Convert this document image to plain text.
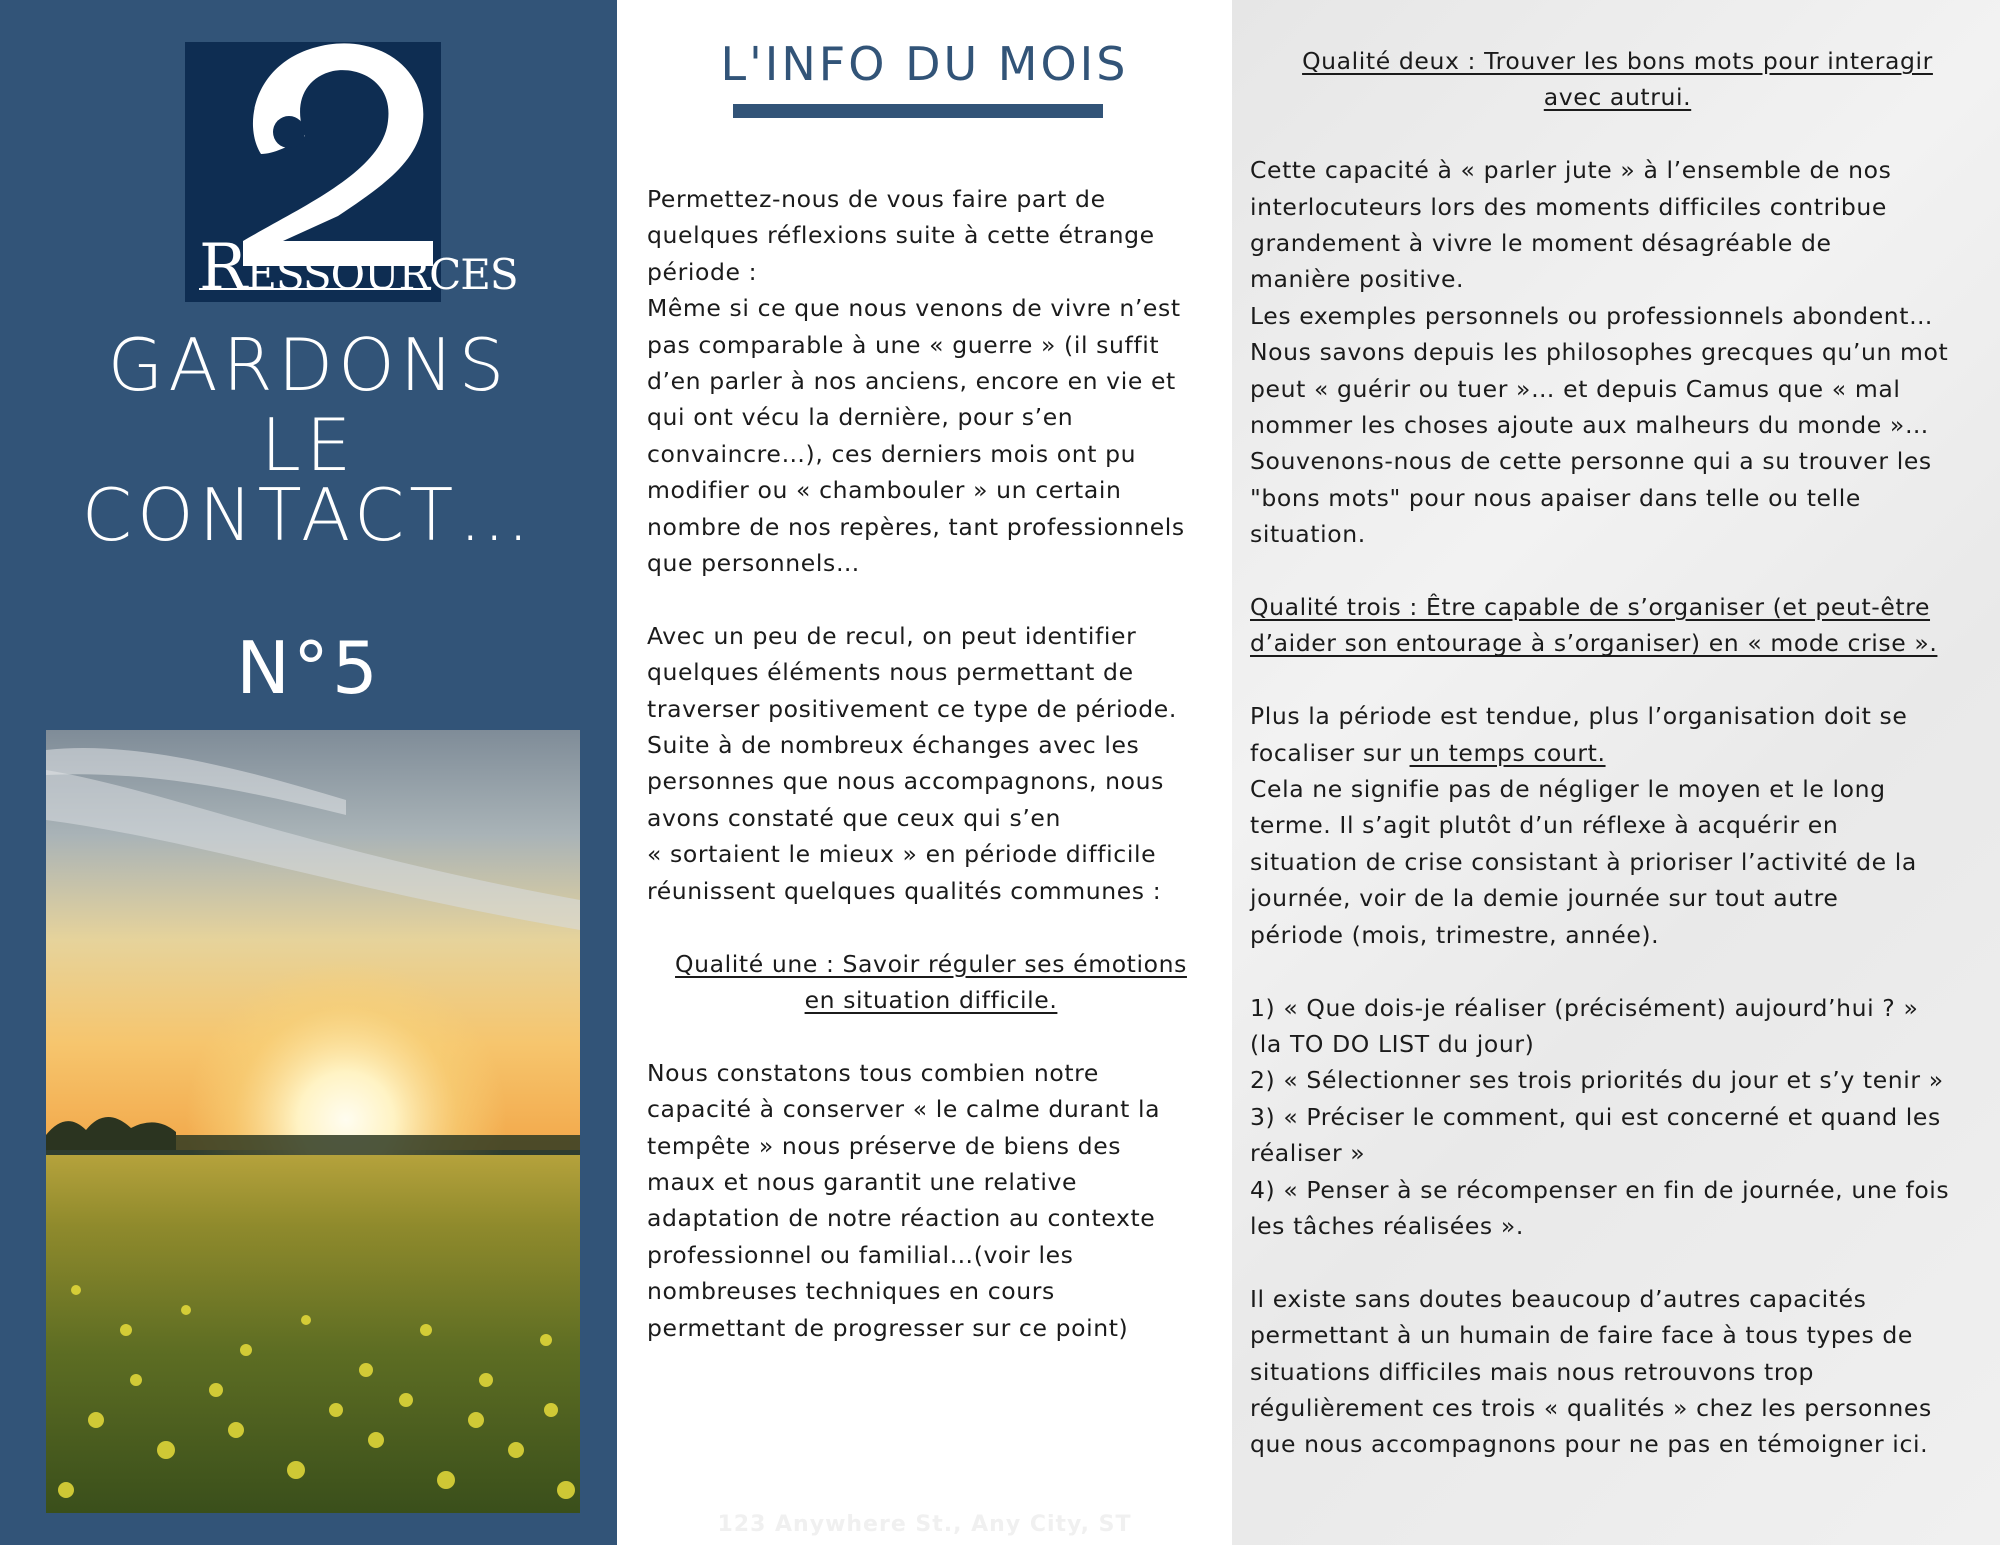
RESSOURCES
GARDONS
LE
CONTACT…
N°5
L'INFO DU MOIS

Permettez-nous de vous faire part de
quelques réflexions suite à cette étrange
période :
Même si ce que nous venons de vivre n’est
pas comparable à une « guerre » (il suffit
d’en parler à nos anciens, encore en vie et
qui ont vécu la dernière, pour s’en
convaincre…), ces derniers mois ont pu
modifier ou « chambouler » un certain
nombre de nos repères, tant professionnels
que personnels…

Avec un peu de recul, on peut identifier
quelques éléments nous permettant de
traverser positivement ce type de période.
Suite à de nombreux échanges avec les
personnes que nous accompagnons, nous
avons constaté que ceux qui s’en
« sortaient le mieux » en période difficile
réunissent quelques qualités communes :

Qualité une : Savoir réguler ses émotions

en situation difficile.

Nous constatons tous combien notre
capacité à conserver « le calme durant la
tempête » nous préserve de biens des
maux et nous garantit une relative
adaptation de notre réaction au contexte
professionnel ou familial…(voir les
nombreuses techniques en cours
permettant de progresser sur ce point)

123 Anywhere St., Any City, ST

Qualité deux : Trouver les bons mots pour interagir

avec autrui.

Cette capacité à « parler jute » à l’ensemble de nos
interlocuteurs lors des moments difficiles contribue
grandement à vivre le moment désagréable de
manière positive.
Les exemples personnels ou professionnels abondent…
Nous savons depuis les philosophes grecques qu’un mot
peut « guérir ou tuer »… et depuis Camus que « mal
nommer les choses ajoute aux malheurs du monde »…
Souvenons-nous de cette personne qui a su trouver les
"bons mots" pour nous apaiser dans telle ou telle
situation.

Qualité trois : Être capable de s’organiser (et peut-être
d’aider son entourage à s’organiser) en « mode crise ».

Plus la période est tendue, plus l’organisation doit se
focaliser sur un temps court.

Cela ne signifie pas de négliger le moyen et le long
terme. Il s’agit plutôt d’un réflexe à acquérir en
situation de crise consistant à prioriser l’activité de la
journée, voir de la demie journée sur tout autre
période (mois, trimestre, année).

1) « Que dois-je réaliser (précisément) aujourd’hui ? »
(la TO DO LIST du jour)
2) « Sélectionner ses trois priorités du jour et s’y tenir »
3) « Préciser le comment, qui est concerné et quand les
réaliser »
4) « Penser à se récompenser en fin de journée, une fois
les tâches réalisées ».

Il existe sans doutes beaucoup d’autres capacités
permettant à un humain de faire face à tous types de
situations difficiles mais nous retrouvons trop
régulièrement ces trois « qualités » chez les personnes
que nous accompagnons pour ne pas en témoigner ici.
